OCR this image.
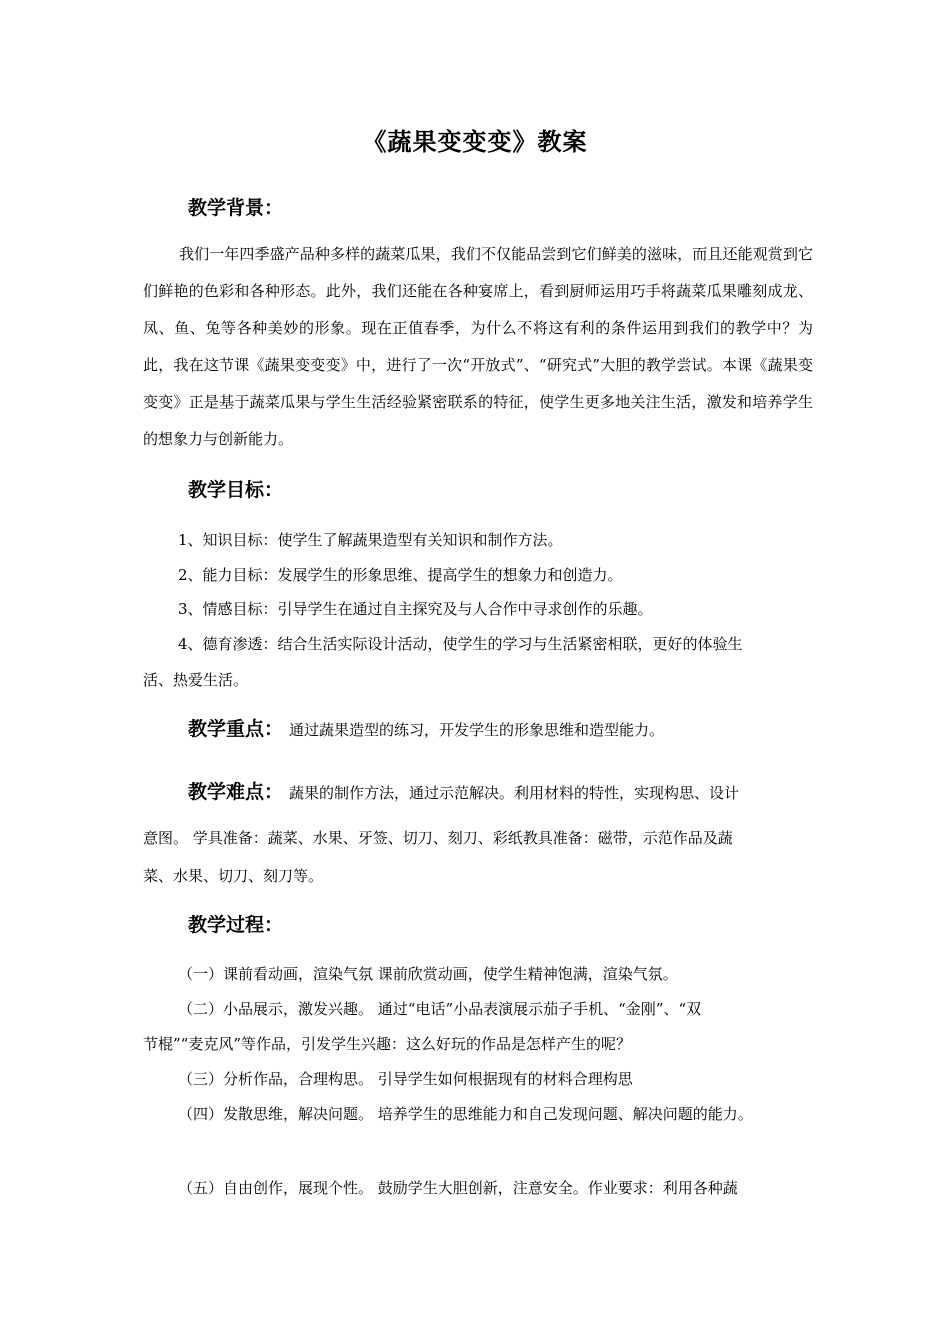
《蔬果变变变》教案
教学背景：
我们一年四季盛产品种多样的蔬菜瓜果，我们不仅能品尝到它们鲜美的滋味，而且还能观赏到它们鲜艳的色彩和各种形态。此外，我们还能在各种宴席上，看到厨师运用巧手将蔬菜瓜果雕刻成龙、凤、鱼、兔等各种美妙的形象。现在正值春季，为什么不将这有利的条件运用到我们的教学中？为此，我在这节课《蔬果变变变》中，进行了一次“开放式”、“研究式”大胆的教学尝试。本课《蔬果变变变》正是基于蔬菜瓜果与学生生活经验紧密联系的特征，使学生更多地关注生活，激发和培养学生的想象力与创新能力。
教学目标：
1、知识目标：使学生了解蔬果造型有关知识和制作方法。
2、能力目标：发展学生的形象思维、提高学生的想象力和创造力。
3、情感目标：引导学生在通过自主探究及与人合作中寻求创作的乐趣。
4、德育渗透：结合生活实际设计活动，使学生的学习与生活紧密相联，更好的体验生
活、热爱生活。
教学重点： 通过蔬果造型的练习，开发学生的形象思维和造型能力。
教学难点： 蔬果的制作方法，通过示范解决。利用材料的特性，实现构思、设计
意图。 学具准备：蔬菜、水果、牙签、切刀、刻刀、彩纸教具准备：磁带，示范作品及蔬
菜、水果、切刀、刻刀等。
教学过程：
（一）课前看动画，渲染气氛 课前欣赏动画，使学生精神饱满，渲染气氛。
（二）小品展示，激发兴趣。 通过“电话”小品表演展示茄子手机、“金刚”、“双
节棍”“麦克风”等作品，引发学生兴趣：这么好玩的作品是怎样产生的呢？
（三）分析作品，合理构思。 引导学生如何根据现有的材料合理构思
（四）发散思维，解决问题。 培养学生的思维能力和自己发现问题、解决问题的能力。
（五）自由创作，展现个性。 鼓励学生大胆创新，注意安全。作业要求：利用各种蔬
